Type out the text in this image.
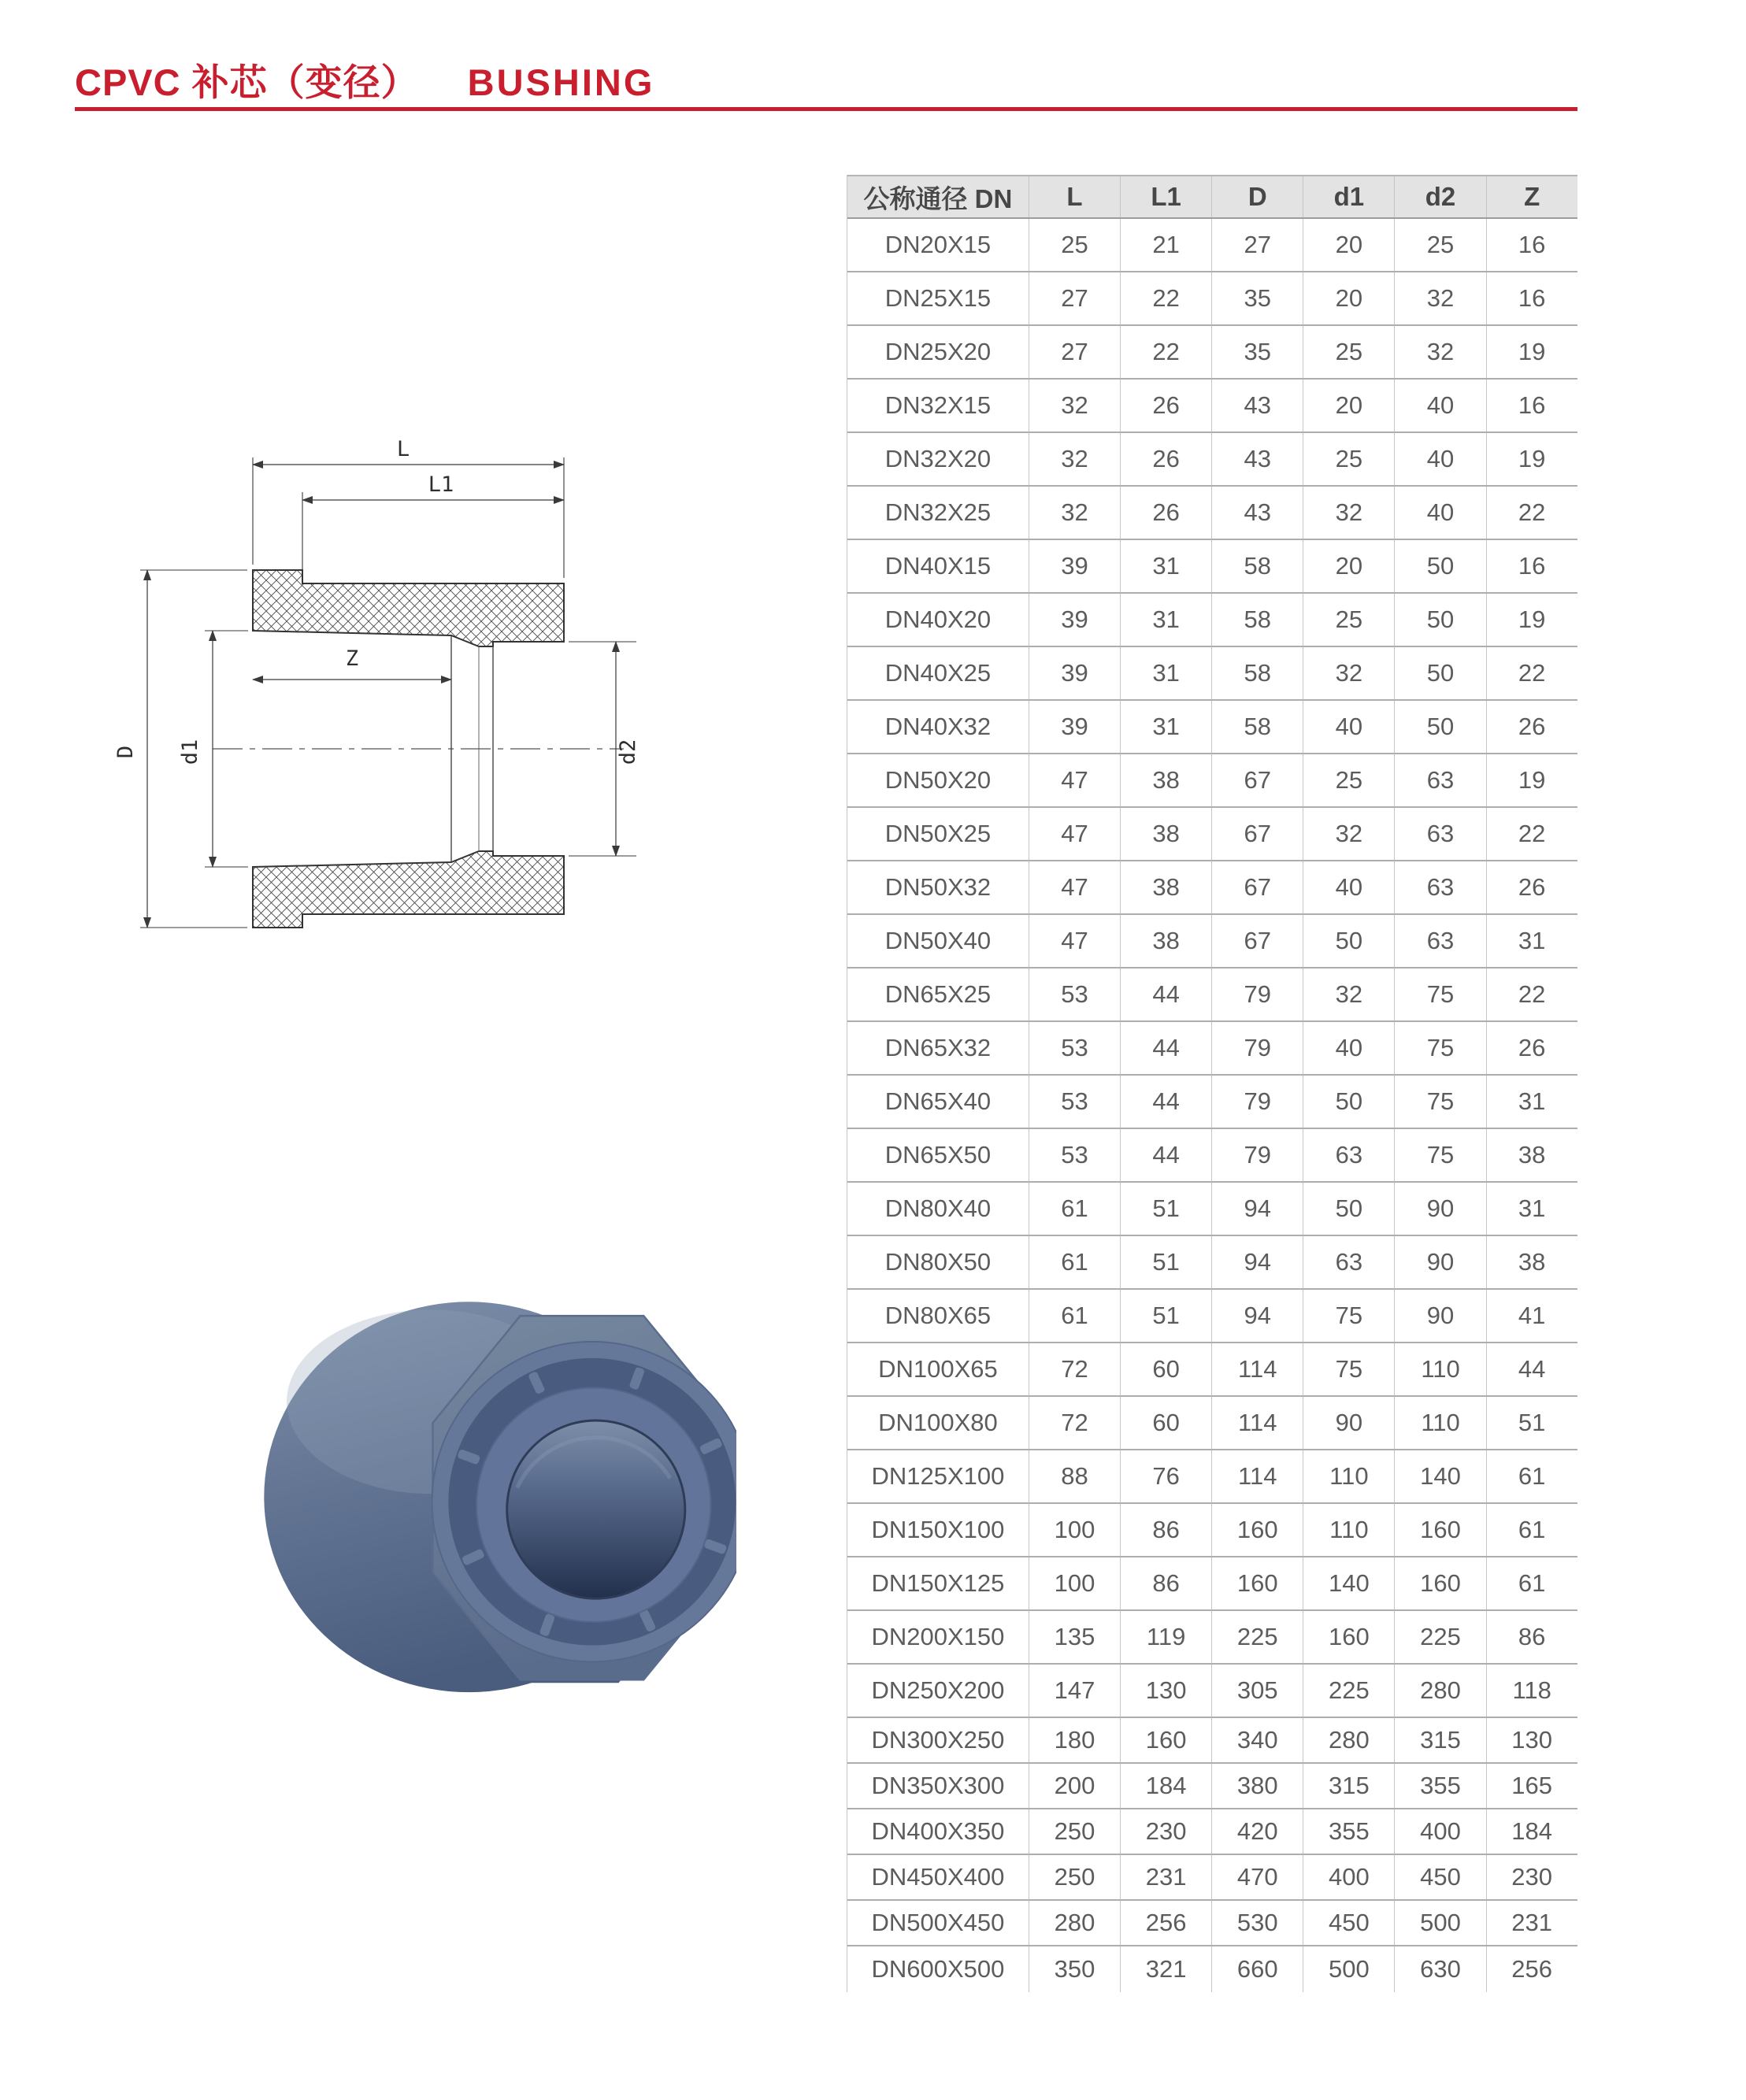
CPVC 补芯（变径） BUSHING
L
L1
Z
D d1	d2
公称通径 DN	L	L1	D	d1	d2	Z
DN20X15	25	21	27	20	25	16
DN25X15	27	22	35	20	32	16
DN25X20	27	22	35	25	32	19
DN32X15	32	26	43	20	40	16
DN32X20	32	26	43	25	40	19
DN32X25	32	26	43	32	40	22
DN40X15	39	31	58	20	50	16
DN40X20	39	31	58	25	50	19
DN40X25	39	31	58	32	50	22
DN40X32	39	31	58	40	50	26
DN50X20	47	38	67	25	63	19
DN50X25	47	38	67	32	63	22
DN50X32	47	38	67	40	63	26
DN50X40	47	38	67	50	63	31
DN65X25	53	44	79	32	75	22
DN65X32	53	44	79	40	75	26
DN65X40	53	44	79	50	75	31
DN65X50	53	44	79	63	75	38
DN80X40	61	51	94	50	90	31
DN80X50	61	51	94	63	90	38
DN80X65	61	51	94	75	90	41
DN100X65	72	60	114	75	110	44
DN100X80	72	60	114	90	110	51
DN125X100	88	76	114	110	140	61
DN150X100	100	86	160	110	160	61
DN150X125	100	86	160	140	160	61
DN200X150	135	119	225	160	225	86
DN250X200	147	130	305	225	280	118
DN300X250	180	160	340	280	315	130
DN350X300	200	184	380	315	355	165
DN400X350	250	230	420	355	400	184
DN450X400	250	231	470	400	450	230
DN500X450	280	256	530	450	500	231
DN600X500	350	321	660	500	630	256
